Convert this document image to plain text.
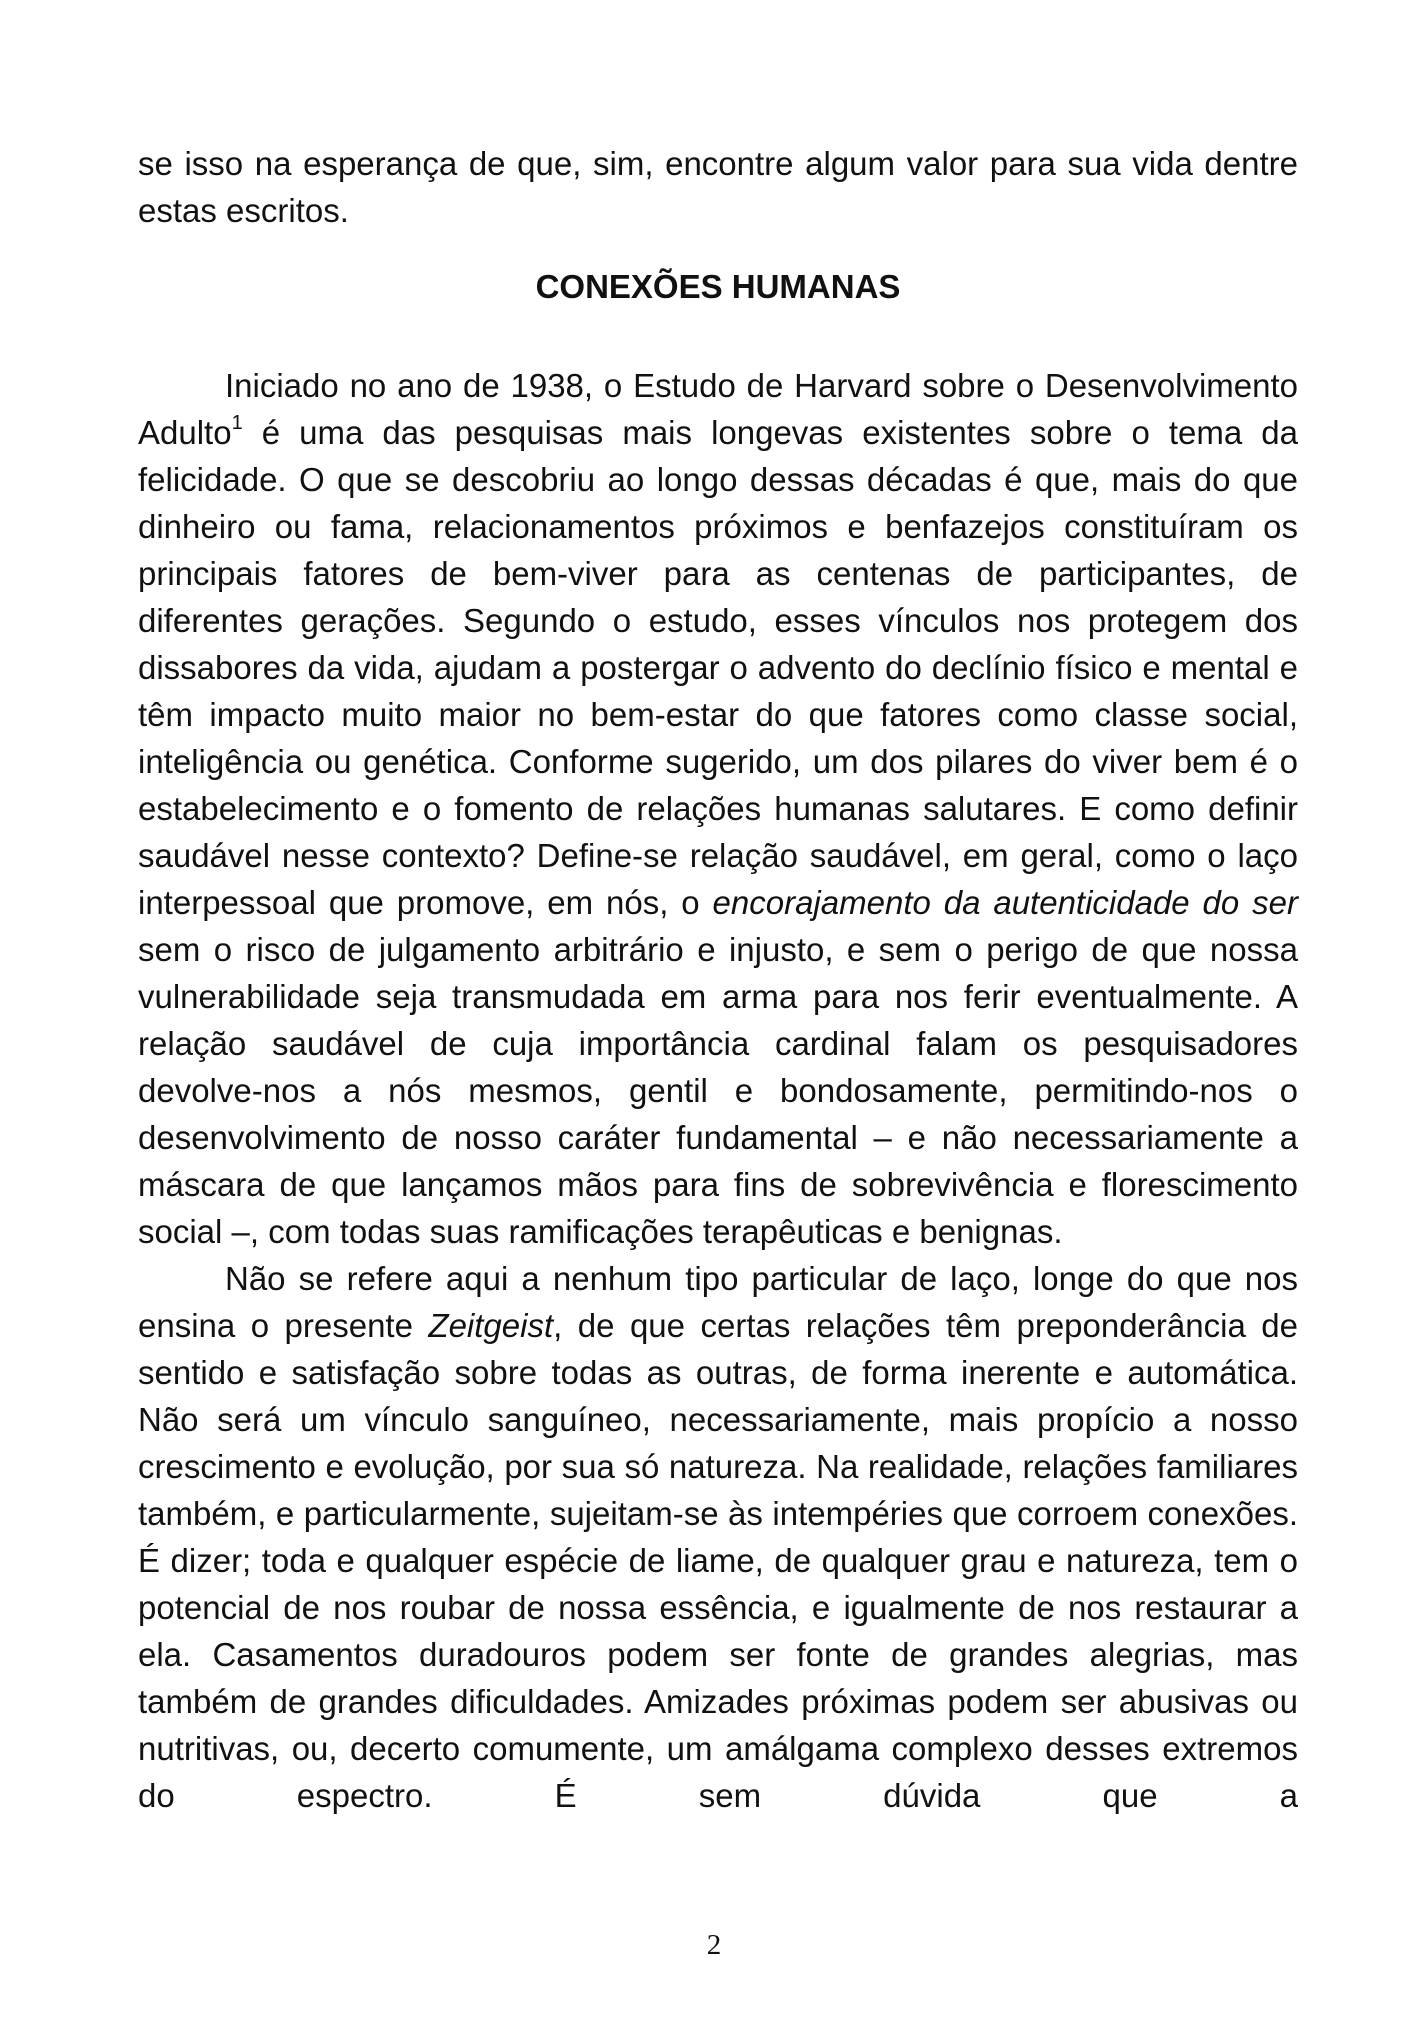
se isso na esperança de que, sim, encontre algum valor para sua vida dentre estas escritos.

CONEXÕES HUMANAS

Iniciado no ano de 1938, o Estudo de Harvard sobre o Desenvolvimento Adulto$^1$ é uma das pesquisas mais longevas existentes sobre o tema da felicidade. O que se descobriu ao longo dessas décadas é que, mais do que dinheiro ou fama, relacionamentos próximos e benfazejos constituíram os principais fatores de bem-viver para as centenas de participantes, de diferentes gerações. Segundo o estudo, esses vínculos nos protegem dos dissabores da vida, ajudam a postergar o advento do declínio físico e mental e têm impacto muito maior no bem-estar do que fatores como classe social, inteligência ou genética. Conforme sugerido, um dos pilares do viver bem é o estabelecimento e o fomento de relações humanas salutares. E como definir saudável nesse contexto? Define-se relação saudável, em geral, como o laço interpessoal que promove, em nós, o encorajamento da autenticidade do ser sem o risco de julgamento arbitrário e injusto, e sem o perigo de que nossa vulnerabilidade seja transmudada em arma para nos ferir eventualmente. A relação saudável de cuja importância cardinal falam os pesquisadores devolve-nos a nós mesmos, gentil e bondosamente, permitindo-nos o desenvolvimento de nosso caráter fundamental – e não necessariamente a máscara de que lançamos mãos para fins de sobrevivência e florescimento social –, com todas suas ramificações terapêuticas e benignas.

Não se refere aqui a nenhum tipo particular de laço, longe do que nos ensina o presente Zeitgeist, de que certas relações têm preponderância de sentido e satisfação sobre todas as outras, de forma inerente e automática. Não será um vínculo sanguíneo, necessariamente, mais propício a nosso crescimento e evolução, por sua só natureza. Na realidade, relações familiares também, e particularmente, sujeitam-se às intempéries que corroem conexões. É dizer; toda e qualquer espécie de liame, de qualquer grau e natureza, tem o potencial de nos roubar de nossa essência, e igualmente de nos restaurar a ela. Casamentos duradouros podem ser fonte de grandes alegrias, mas também de grandes dificuldades. Amizades próximas podem ser abusivas ou nutritivas, ou, decerto comumente, um amálgama complexo desses extremos do espectro. É sem dúvida que a

2
